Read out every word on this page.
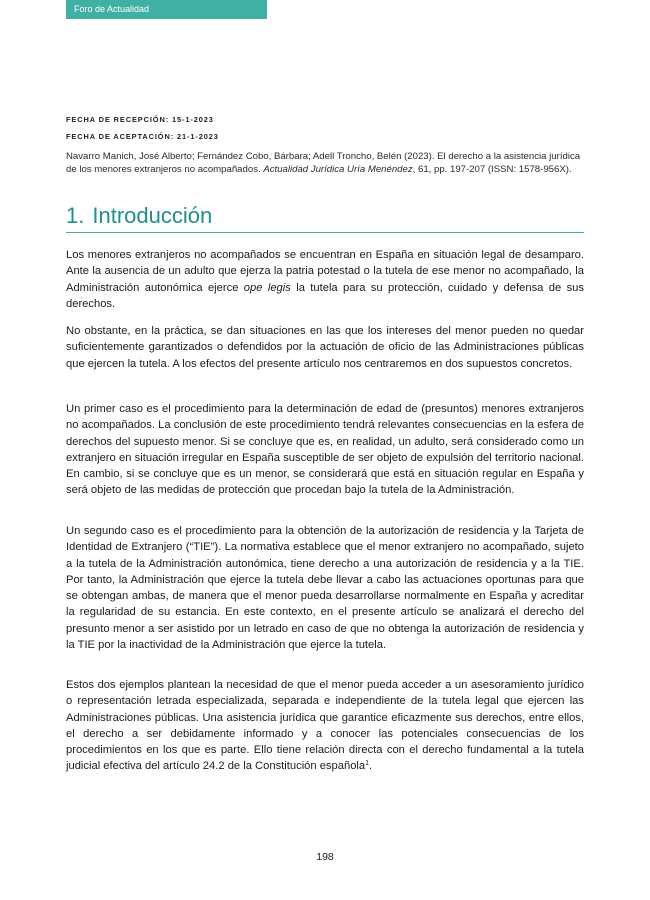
Foro de Actualidad
FECHA DE RECEPCIÓN: 15-1-2023
FECHA DE ACEPTACIÓN: 21-1-2023
Navarro Manich, José Alberto; Fernández Cobo, Bárbara; Adell Troncho, Belén (2023). El derecho a la asistencia jurídica de los menores extranjeros no acompañados. Actualidad Jurídica Uría Menéndez, 61, pp. 197-207 (ISSN: 1578-956X).
1. Introducción

Los menores extranjeros no acompañados se encuentran en España en situación legal de desamparo. Ante la ausencia de un adulto que ejerza la patria potestad o la tutela de ese menor no acompañado, la Administración autonómica ejerce ope legis la tutela para su protección, cuidado y defensa de sus derechos.

No obstante, en la práctica, se dan situaciones en las que los intereses del menor pueden no quedar suficientemente garantizados o defendidos por la actuación de oficio de las Administraciones públicas que ejercen la tutela. A los efectos del presente artículo nos centraremos en dos supuestos concretos.

Un primer caso es el procedimiento para la determinación de edad de (presuntos) menores extranjeros no acompañados. La conclusión de este procedimiento tendrá relevantes consecuencias en la esfera de derechos del supuesto menor. Si se concluye que es, en realidad, un adulto, será considerado como un extranjero en situación irregular en España susceptible de ser objeto de expulsión del territorio nacional. En cambio, si se concluye que es un menor, se considerará que está en situación regular en España y será objeto de las medidas de protección que procedan bajo la tutela de la Administración.

Un segundo caso es el procedimiento para la obtención de la autorización de residencia y la Tarjeta de Identidad de Extranjero (“TIE”). La normativa establece que el menor extranjero no acompañado, sujeto a la tutela de la Administración autonómica, tiene derecho a una autorización de residencia y a la TIE. Por tanto, la Administración que ejerce la tutela debe llevar a cabo las actuaciones oportunas para que se obtengan ambas, de manera que el menor pueda desarrollarse normalmente en España y acreditar la regularidad de su estancia. En este contexto, en el presente artículo se analizará el derecho del presunto menor a ser asistido por un letrado en caso de que no obtenga la autorización de residencia y la TIE por la inactividad de la Administración que ejerce la tutela.

Estos dos ejemplos plantean la necesidad de que el menor pueda acceder a un asesoramiento jurídico o representación letrada especializada, separada e independiente de la tutela legal que ejercen las Administraciones públicas. Una asistencia jurídica que garantice eficazmente sus derechos, entre ellos, el derecho a ser debidamente informado y a conocer las potenciales consecuencias de los procedimientos en los que es parte. Ello tiene relación directa con el derecho fundamental a la tutela judicial efectiva del artículo 24.2 de la Constitución española$^1$.

198
